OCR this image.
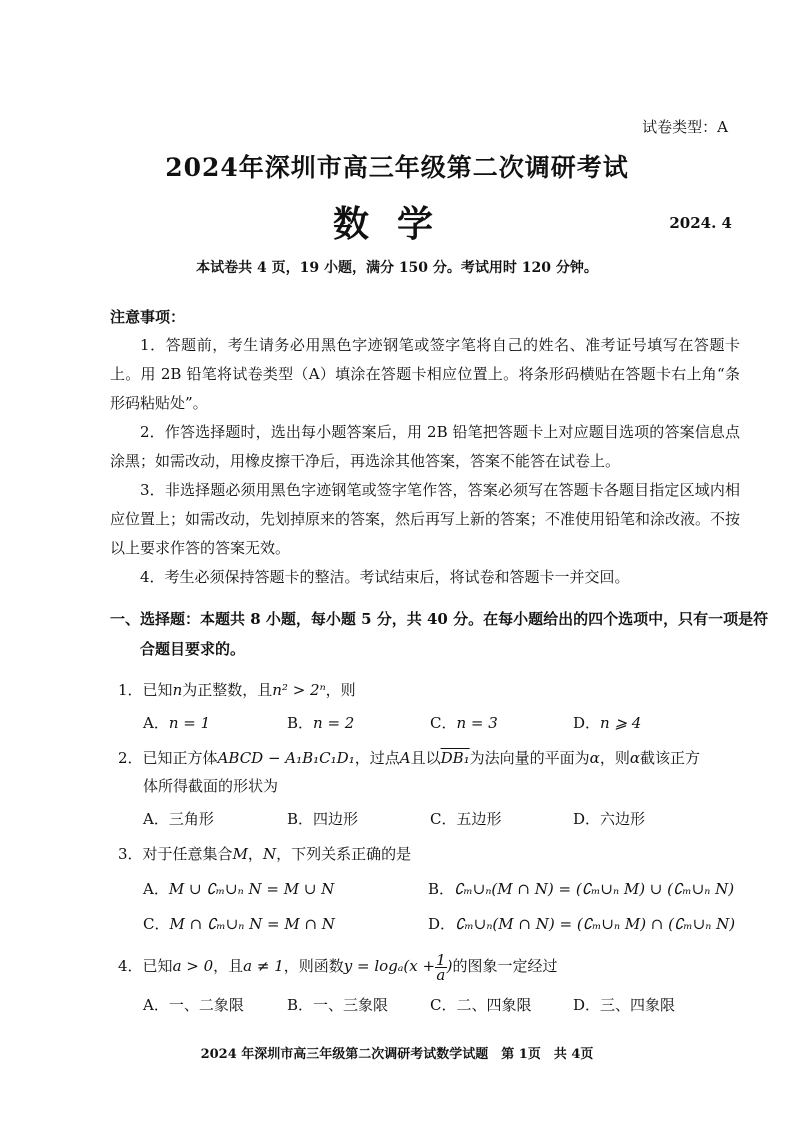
试卷类型：A
2024年深圳市高三年级第二次调研考试
数学	2024. 4
本试卷共 4 页，19 小题，满分 150 分。考试用时 120 分钟。
注意事项：
1．答题前，考生请务必用黑色字迹钢笔或签字笔将自己的姓名、准考证号填写在答题卡上。用 2B 铅笔将试卷类型（A）填涂在答题卡相应位置上。将条形码横贴在答题卡右上角“条形码粘贴处”。
2．作答选择题时，选出每小题答案后，用 2B 铅笔把答题卡上对应题目选项的答案信息点涂黑；如需改动，用橡皮擦干净后，再选涂其他答案，答案不能答在试卷上。
3．非选择题必须用黑色字迹钢笔或签字笔作答，答案必须写在答题卡各题目指定区域内相应位置上；如需改动，先划掉原来的答案，然后再写上新的答案；不准使用铅笔和涂改液。不按以上要求作答的答案无效。
4．考生必须保持答题卡的整洁。考试结束后，将试卷和答题卡一并交回。
一、选择题：本题共 8 小题，每小题 5 分，共 40 分。在每小题给出的四个选项中，只有一项是符合题目要求的。
1．已知n为正整数，且n² > 2ⁿ，则
A．n = 1	B．n = 2	C．n = 3	D．n ⩾ 4
2．已知正方体ABCD − A₁B₁C₁D₁，过点A且以DB₁为法向量的平面为α，则α截该正方
体所得截面的形状为
A．三角形	B．四边形	C．五边形	D．六边形
3．对于任意集合M，N，下列关系正确的是
A．M ∪ ∁ₘ∪ₙ N = M ∪ N	B．∁ₘ∪ₙ(M ∩ N) = (∁ₘ∪ₙ M) ∪ (∁ₘ∪ₙ N)
C．M ∩ ∁ₘ∪ₙ N = M ∩ N	D．∁ₘ∪ₙ(M ∩ N) = (∁ₘ∪ₙ M) ∩ (∁ₘ∪ₙ N)
4．已知a > 0，且a ≠ 1，则函数$y = \log_a(x + \frac{1}{a}$ )的图象一定经过
A．一、二象限	B．一、三象限	C．二、四象限	D．三、四象限
2024 年深圳市高三年级第二次调研考试数学试题　第 1页　共 4页
